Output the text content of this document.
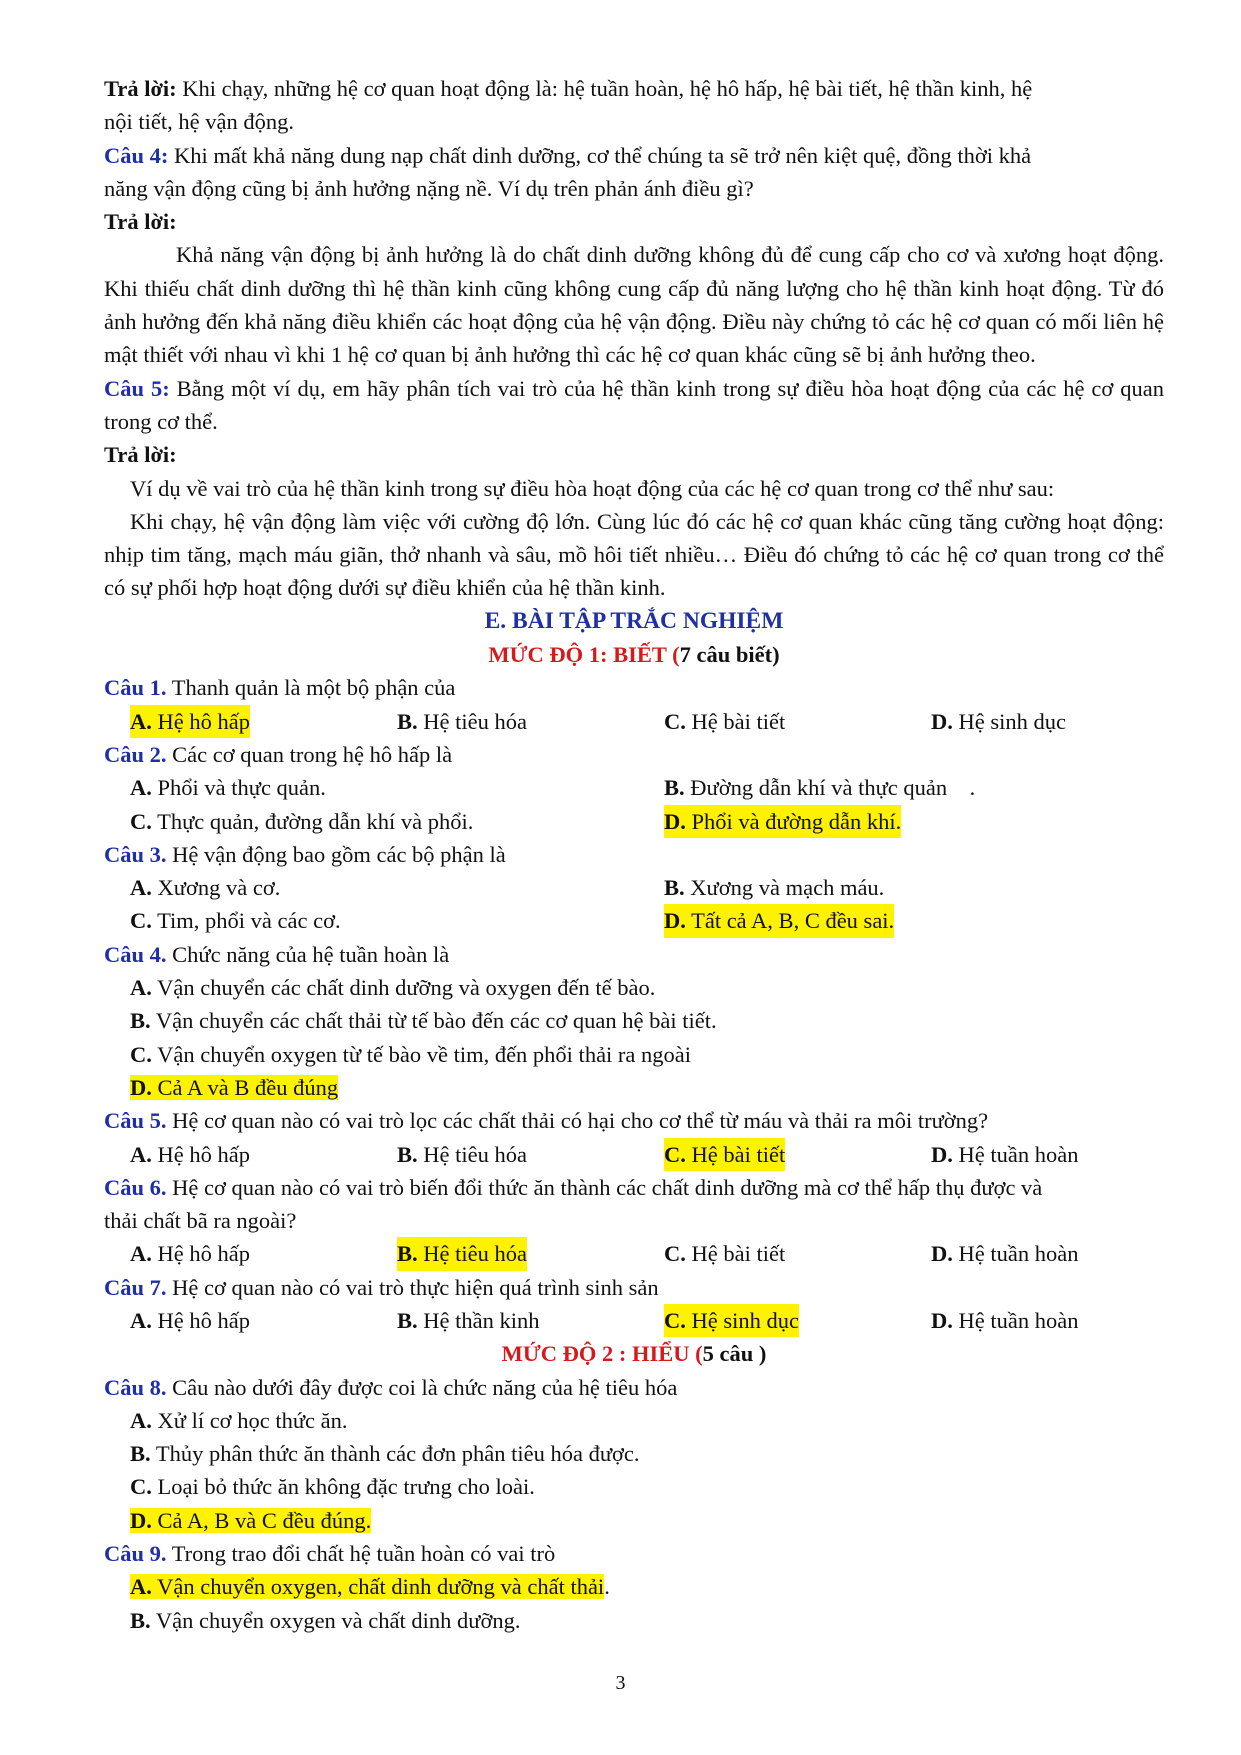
Trả lời: Khi chạy, những hệ cơ quan hoạt động là: hệ tuần hoàn, hệ hô hấp, hệ bài tiết, hệ thần kinh, hệ
nội tiết, hệ vận động.
Câu 4: Khi mất khả năng dung nạp chất dinh dưỡng, cơ thể chúng ta sẽ trở nên kiệt quệ, đồng thời khả
năng vận động cũng bị ảnh hưởng nặng nề. Ví dụ trên phản ánh điều gì?
Trả lời:
Khả năng vận động bị ảnh hưởng là do chất dinh dưỡng không đủ để cung cấp cho cơ và xương hoạt động. Khi thiếu chất dinh dưỡng thì hệ thần kinh cũng không cung cấp đủ năng lượng cho hệ thần kinh hoạt động. Từ đó ảnh hưởng đến khả năng điều khiển các hoạt động của hệ vận động. Điều này chứng tỏ các hệ cơ quan có mối liên hệ mật thiết với nhau vì khi 1 hệ cơ quan bị ảnh hưởng thì các hệ cơ quan khác cũng sẽ bị ảnh hưởng theo.
Câu 5: Bằng một ví dụ, em hãy phân tích vai trò của hệ thần kinh trong sự điều hòa hoạt động của các hệ cơ quan trong cơ thể.
Trả lời:
Ví dụ về vai trò của hệ thần kinh trong sự điều hòa hoạt động của các hệ cơ quan trong cơ thể như sau:
Khi chạy, hệ vận động làm việc với cường độ lớn. Cùng lúc đó các hệ cơ quan khác cũng tăng cường hoạt động: nhịp tim tăng, mạch máu giãn, thở nhanh và sâu, mồ hôi tiết nhiều… Điều đó chứng tỏ các hệ cơ quan trong cơ thể có sự phối hợp hoạt động dưới sự điều khiển của hệ thần kinh.
E. BÀI TẬP TRẮC NGHIỆM
MỨC ĐỘ 1: BIẾT (7 câu biết)
Câu 1. Thanh quản là một bộ phận của
A. Hệ hô hấp	B. Hệ tiêu hóa	C. Hệ bài tiết	D. Hệ sinh dục
Câu 2. Các cơ quan trong hệ hô hấp là
A. Phổi và thực quản.	B. Đường dẫn khí và thực quản    .
C. Thực quản, đường dẫn khí và phổi.	D. Phổi và đường dẫn khí.
Câu 3. Hệ vận động bao gồm các bộ phận là
A. Xương và cơ.	B. Xương và mạch máu.
C. Tim, phổi và các cơ.	D. Tất cả A, B, C đều sai.
Câu 4. Chức năng của hệ tuần hoàn là
A. Vận chuyển các chất dinh dưỡng và oxygen đến tế bào.
B. Vận chuyển các chất thải từ tế bào đến các cơ quan hệ bài tiết.
C. Vận chuyển oxygen từ tế bào về tim, đến phổi thải ra ngoài
D. Cả A và B đều đúng
Câu 5. Hệ cơ quan nào có vai trò lọc các chất thải có hại cho cơ thể từ máu và thải ra môi trường?
A. Hệ hô hấp	B. Hệ tiêu hóa	C. Hệ bài tiết	D. Hệ tuần hoàn
Câu 6. Hệ cơ quan nào có vai trò biến đổi thức ăn thành các chất dinh dưỡng mà cơ thể hấp thụ được và
thải chất bã ra ngoài?
A. Hệ hô hấp	B. Hệ tiêu hóa	C. Hệ bài tiết	D. Hệ tuần hoàn
Câu 7. Hệ cơ quan nào có vai trò thực hiện quá trình sinh sản
A. Hệ hô hấp	B. Hệ thần kinh	C. Hệ sinh dục	D. Hệ tuần hoàn
MỨC ĐỘ 2 : HIỂU (5 câu )
Câu 8. Câu nào dưới đây được coi là chức năng của hệ tiêu hóa
A. Xử lí cơ học thức ăn.
B. Thủy phân thức ăn thành các đơn phân tiêu hóa được.
C. Loại bỏ thức ăn không đặc trưng cho loài.
D. Cả A, B và C đều đúng.
Câu 9. Trong trao đổi chất hệ tuần hoàn có vai trò
A. Vận chuyển oxygen, chất dinh dưỡng và chất thải.
B. Vận chuyển oxygen và chất dinh dưỡng.
3
